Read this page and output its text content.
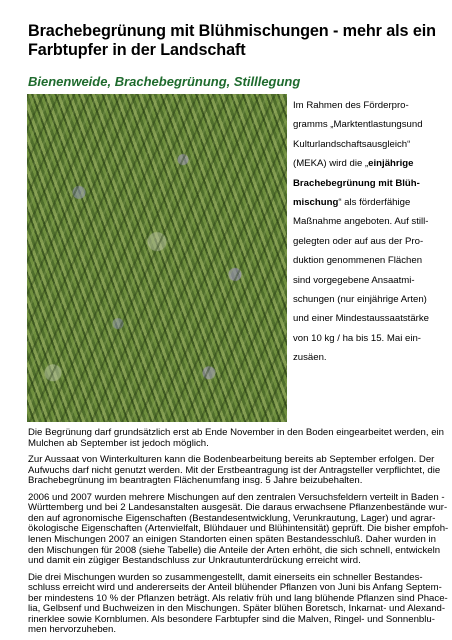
Brachebegrünung mit Blühmischungen - mehr als ein Farbtupfer in der Landschaft
Bienenweide, Brachebegrünung, Stilllegung
Im Rahmen des Förderpro-
gramms „Marktentlastungsund
Kulturlandschaftsausgleich“
(MEKA) wird die „einjährige
Brachebegrünung mit Blüh-
mischung“ als förderfähige
Maßnahme angeboten. Auf still-
gelegten oder auf aus der Pro-
duktion genommenen Flächen
sind vorgegebene Ansaatmi-
schungen (nur einjährige Arten)
und einer Mindestaussaatstärke
von 10 kg / ha bis 15. Mai ein-
zusäen.
Die Begrünung darf grundsätzlich erst ab Ende November in den Boden eingearbeitet werden, ein
Mulchen ab September ist jedoch möglich.
Zur Aussaat von Winterkulturen kann die Bodenbearbeitung bereits ab September erfolgen. Der
Aufwuchs darf nicht genutzt werden. Mit der Erstbeantragung ist der Antragsteller verpflichtet, die
Brachebegrünung im beantragten Flächenumfang insg. 5 Jahre beizubehalten.
2006 und 2007 wurden mehrere Mischungen auf den zentralen Versuchsfeldern verteilt in Baden -
Württemberg und bei 2 Landesanstalten ausgesät. Die daraus erwachsene Pflanzenbestände wur-
den auf agronomische Eigenschaften (Bestandesentwicklung, Verunkrautung, Lager) und agrar-
ökologische Eigenschaften (Artenvielfalt, Blühdauer und Blühintensität) geprüft. Die bisher empfoh-
lenen Mischungen 2007 an einigen Standorten einen späten Bestandesschluß. Daher wurden in
den Mischungen für 2008 (siehe Tabelle) die Anteile der Arten erhöht, die sich schnell, entwickeln
und damit ein zügiger Bestandschluss zur Unkrautunterdrückung erreicht wird.
Die drei Mischungen wurden so zusammengestellt, damit einerseits ein schneller Bestandes-
schluss erreicht wird und andererseits der Anteil blühender Pflanzen von Juni bis Anfang Septem-
ber mindestens 10 % der Pflanzen beträgt. Als relativ früh und lang blühende Pflanzen sind Phace-
lia, Gelbsenf und Buchweizen in den Mischungen. Später blühen Boretsch, Inkarnat- und Alexand-
rinerklee sowie Kornblumen. Als besondere Farbtupfer sind die Malven, Ringel- und Sonnenblu-
men hervorzuheben.
